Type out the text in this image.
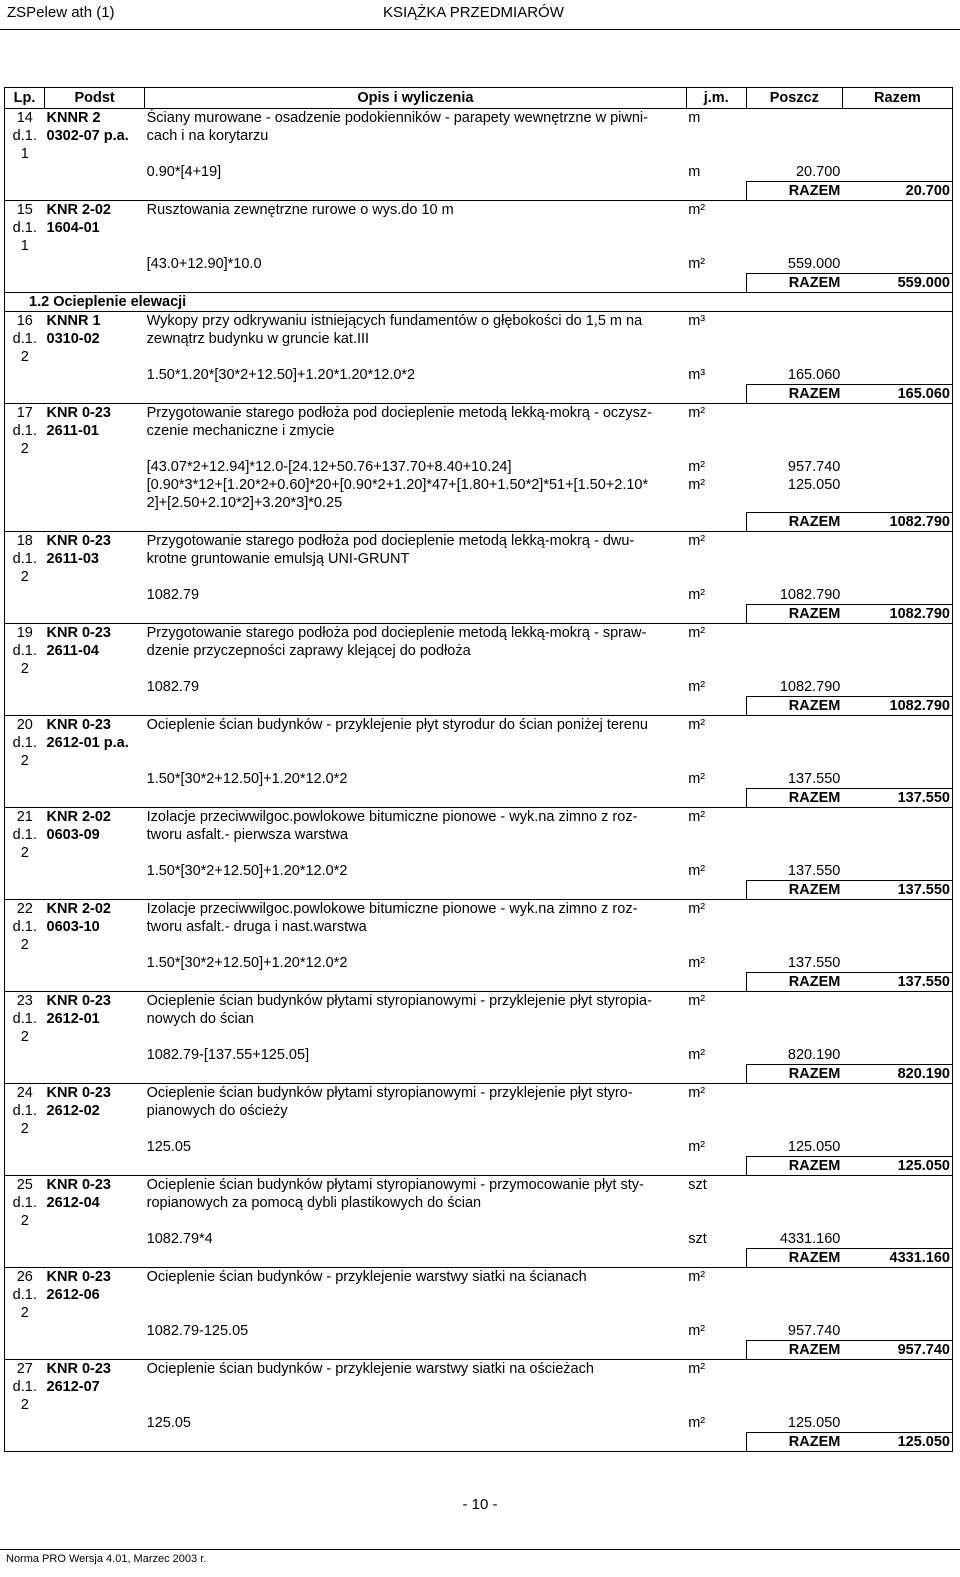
ZSPelew ath (1)	KSIĄŻKA PRZEDMIARÓW
Lp.	Podst	Opis i wyliczenia	j.m.	Poszcz	Razem
14	KNNR 2	Ściany murowane - osadzenie podokienników - parapety wewnętrzne w piwni-	m		
d.1.	0302-07 p.a.	cach i na korytarzu			
1					
		0.90*[4+19]	m	20.700	
				RAZEM	20.700
15	KNR 2-02	Rusztowania zewnętrzne rurowe o wys.do 10 m	m²		
d.1.	1604-01				
1					
		[43.0+12.90]*10.0	m²	559.000	
				RAZEM	559.000
1.2 Ocieplenie elewacji					
16	KNNR 1	Wykopy przy odkrywaniu istniejących fundamentów o głębokości do 1,5 m na	m³		
d.1.	0310-02	zewnątrz budynku w gruncie kat.III			
2					
		1.50*1.20*[30*2+12.50]+1.20*1.20*12.0*2	m³	165.060	
				RAZEM	165.060
17	KNR 0-23	Przygotowanie starego podłoża pod docieplenie metodą lekką-mokrą - oczysz-	m²		
d.1.	2611-01	czenie mechaniczne i zmycie			
2					
		[43.07*2+12.94]*12.0-[24.12+50.76+137.70+8.40+10.24]	m²	957.740	
		[0.90*3*12+[1.20*2+0.60]*20+[0.90*2+1.20]*47+[1.80+1.50*2]*51+[1.50+2.10*	m²	125.050	
		2]+[2.50+2.10*2]+3.20*3]*0.25			
				RAZEM	1082.790
18	KNR 0-23	Przygotowanie starego podłoża pod docieplenie metodą lekką-mokrą - dwu-	m²		
d.1.	2611-03	krotne gruntowanie emulsją UNI-GRUNT			
2					
		1082.79	m²	1082.790	
				RAZEM	1082.790
19	KNR 0-23	Przygotowanie starego podłoża pod docieplenie metodą lekką-mokrą - spraw-	m²		
d.1.	2611-04	dzenie przyczepności zaprawy klejącej do podłoża			
2					
		1082.79	m²	1082.790	
				RAZEM	1082.790
20	KNR 0-23	Ocieplenie ścian budynków - przyklejenie płyt styrodur do ścian poniżej terenu	m²		
d.1.	2612-01 p.a.				
2					
		1.50*[30*2+12.50]+1.20*12.0*2	m²	137.550	
				RAZEM	137.550
21	KNR 2-02	Izolacje przeciwwilgoc.powlokowe bitumiczne pionowe - wyk.na zimno z roz-	m²		
d.1.	0603-09	tworu asfalt.- pierwsza warstwa			
2					
		1.50*[30*2+12.50]+1.20*12.0*2	m²	137.550	
				RAZEM	137.550
22	KNR 2-02	Izolacje przeciwwilgoc.powlokowe bitumiczne pionowe - wyk.na zimno z roz-	m²		
d.1.	0603-10	tworu asfalt.- druga i nast.warstwa			
2					
		1.50*[30*2+12.50]+1.20*12.0*2	m²	137.550	
				RAZEM	137.550
23	KNR 0-23	Ocieplenie ścian budynków płytami styropianowymi - przyklejenie płyt styropia-	m²		
d.1.	2612-01	nowych do ścian			
2					
		1082.79-[137.55+125.05]	m²	820.190	
				RAZEM	820.190
24	KNR 0-23	Ocieplenie ścian budynków płytami styropianowymi - przyklejenie płyt styro-	m²		
d.1.	2612-02	pianowych do ościeży			
2					
		125.05	m²	125.050	
				RAZEM	125.050
25	KNR 0-23	Ocieplenie ścian budynków płytami styropianowymi - przymocowanie płyt sty-	szt		
d.1.	2612-04	ropianowych za pomocą dybli plastikowych do ścian			
2					
		1082.79*4	szt	4331.160	
				RAZEM	4331.160
26	KNR 0-23	Ocieplenie ścian budynków - przyklejenie warstwy siatki na ścianach	m²		
d.1.	2612-06				
2					
		1082.79-125.05	m²	957.740	
				RAZEM	957.740
27	KNR 0-23	Ocieplenie ścian budynków - przyklejenie warstwy siatki na ościeżach	m²		
d.1.	2612-07				
2					
		125.05	m²	125.050	
				RAZEM	125.050
- 10 -
Norma PRO Wersja 4.01, Marzec 2003 r.
